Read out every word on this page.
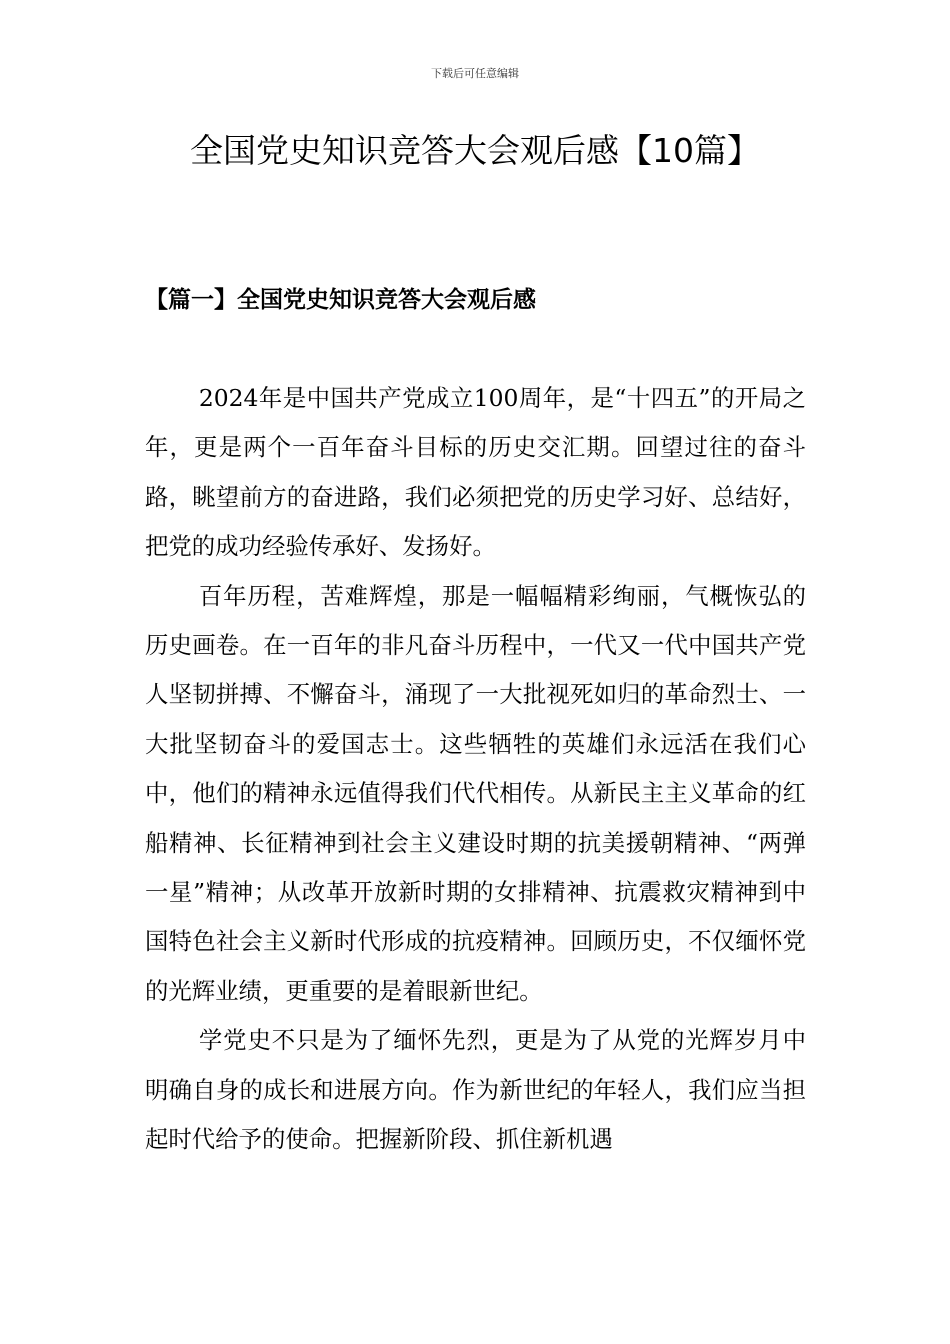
下载后可任意编辑
全国党史知识竞答大会观后感【10篇】
【篇一】全国党史知识竞答大会观后感

2024年是中国共产党成立100周年，是“十四五”的开局之年，更是两个一百年奋斗目标的历史交汇期。回望过往的奋斗路，眺望前方的奋进路，我们必须把党的历史学习好、总结好，把党的成功经验传承好、发扬好。

百年历程，苦难辉煌，那是一幅幅精彩绚丽，气概恢弘的历史画卷。在一百年的非凡奋斗历程中，一代又一代中国共产党人坚韧拼搏、不懈奋斗，涌现了一大批视死如归的革命烈士、一大批坚韧奋斗的爱国志士。这些牺牲的英雄们永远活在我们心中，他们的精神永远值得我们代代相传。从新民主主义革命的红船精神、长征精神到社会主义建设时期的抗美援朝精神、“两弹一星”精神；从改革开放新时期的女排精神、抗震救灾精神到中国特色社会主义新时代形成的抗疫精神。回顾历史，不仅缅怀党的光辉业绩，更重要的是着眼新世纪。

学党史不只是为了缅怀先烈，更是为了从党的光辉岁月中明确自身的成长和进展方向。作为新世纪的年轻人，我们应当担起时代给予的使命。把握新阶段、抓住新机遇
